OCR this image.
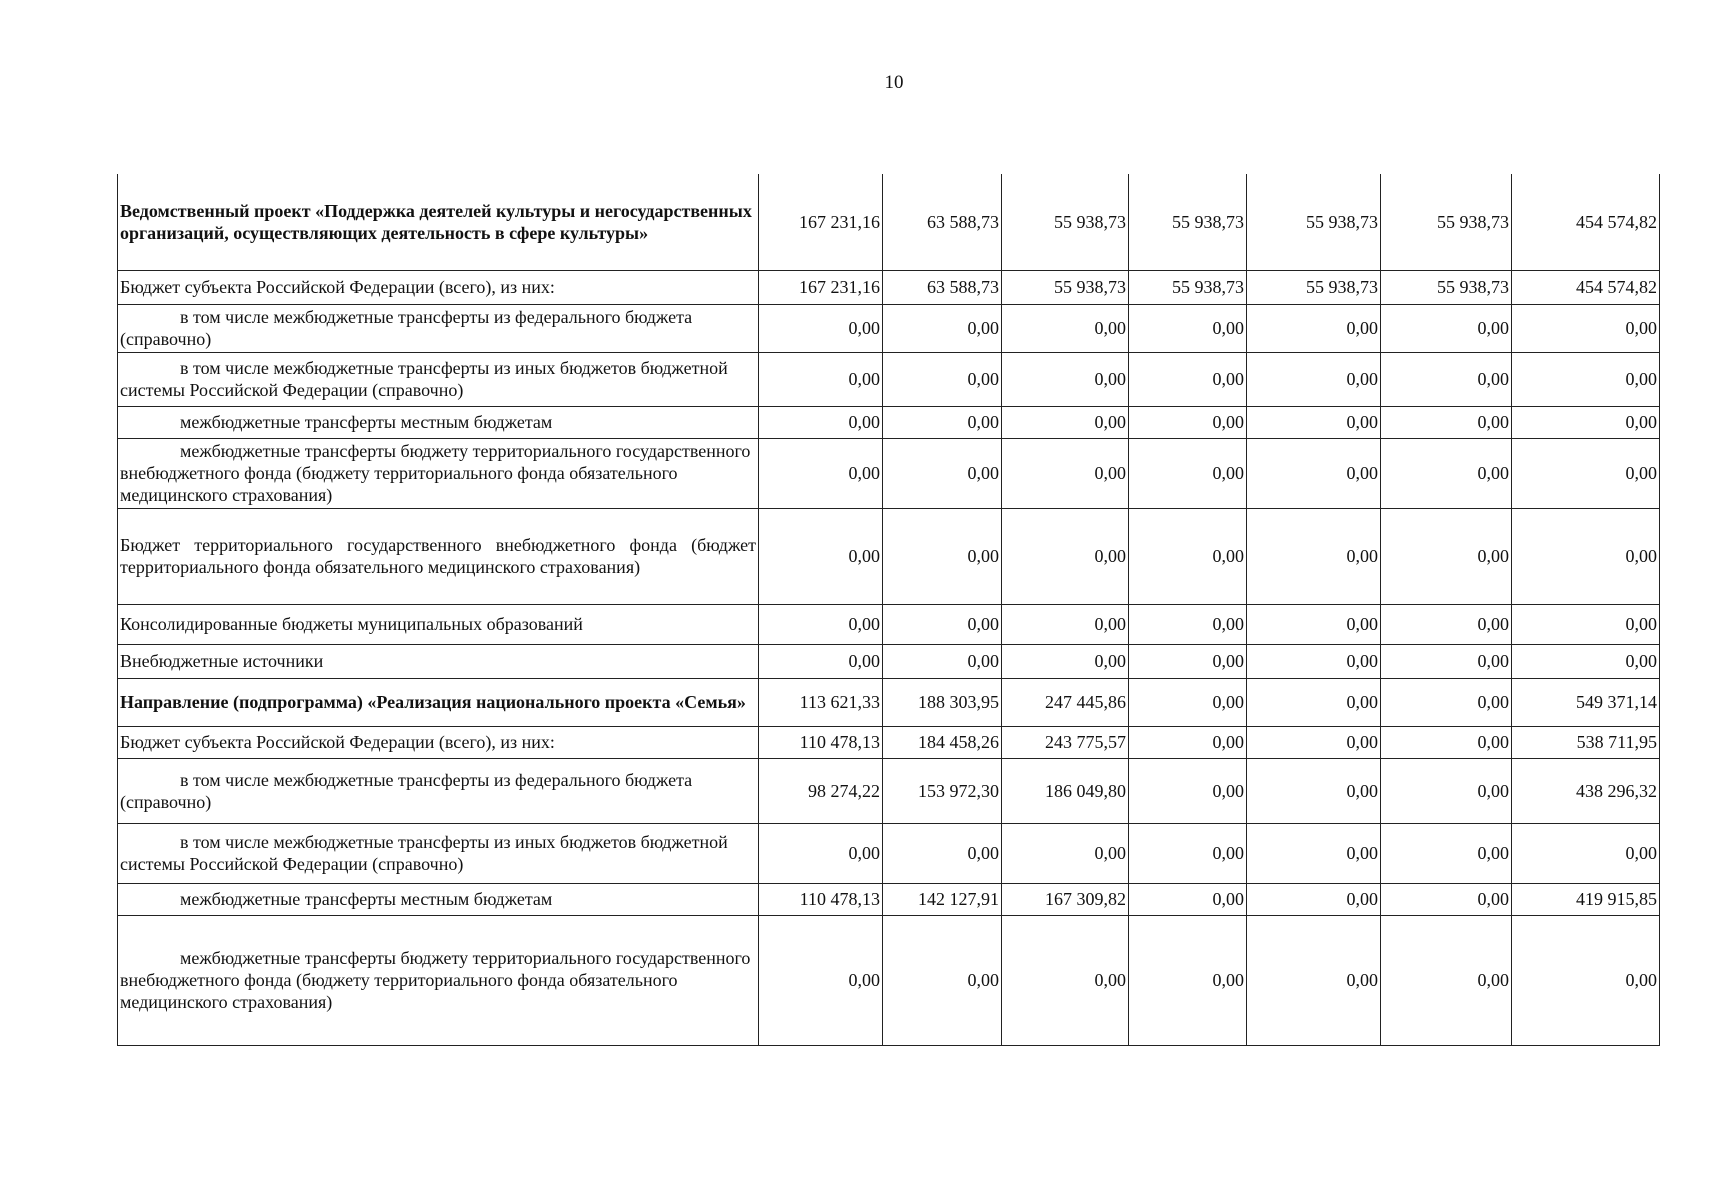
10
Ведомственный проект «Поддержка деятелей культуры и негосударственных организаций, осуществляющих деятельность в сфере культуры»	167 231,16	63 588,73	55 938,73	55 938,73	55 938,73	55 938,73	454 574,82
Бюджет субъекта Российской Федерации (всего), из них:	167 231,16	63 588,73	55 938,73	55 938,73	55 938,73	55 938,73	454 574,82

в том числе межбюджетные трансферты из федерального бюджета (справочно)	0,00	0,00	0,00	0,00	0,00	0,00	0,00

в том числе межбюджетные трансферты из иных бюджетов бюджетной системы Российской Федерации (справочно)	0,00	0,00	0,00	0,00	0,00	0,00	0,00

межбюджетные трансферты местным бюджетам	0,00	0,00	0,00	0,00	0,00	0,00	0,00

межбюджетные трансферты бюджету территориального государственного внебюджетного фонда (бюджету территориального фонда обязательного медицинского страхования)	0,00	0,00	0,00	0,00	0,00	0,00	0,00

Бюджет территориального государственного внебюджетного фонда (бюджет территориального фонда обязательного медицинского страхования)	0,00	0,00	0,00	0,00	0,00	0,00	0,00
Консолидированные бюджеты муниципальных образований	0,00	0,00	0,00	0,00	0,00	0,00	0,00
Внебюджетные источники	0,00	0,00	0,00	0,00	0,00	0,00	0,00
Направление (подпрограмма) «Реализация национального проекта «Семья»	113 621,33	188 303,95	247 445,86	0,00	0,00	0,00	549 371,14
Бюджет субъекта Российской Федерации (всего), из них:	110 478,13	184 458,26	243 775,57	0,00	0,00	0,00	538 711,95

в том числе межбюджетные трансферты из федерального бюджета (справочно)	98 274,22	153 972,30	186 049,80	0,00	0,00	0,00	438 296,32

в том числе межбюджетные трансферты из иных бюджетов бюджетной системы Российской Федерации (справочно)	0,00	0,00	0,00	0,00	0,00	0,00	0,00

межбюджетные трансферты местным бюджетам	110 478,13	142 127,91	167 309,82	0,00	0,00	0,00	419 915,85

межбюджетные трансферты бюджету территориального государственного внебюджетного фонда (бюджету территориального фонда обязательного медицинского страхования)	0,00	0,00	0,00	0,00	0,00	0,00	0,00
